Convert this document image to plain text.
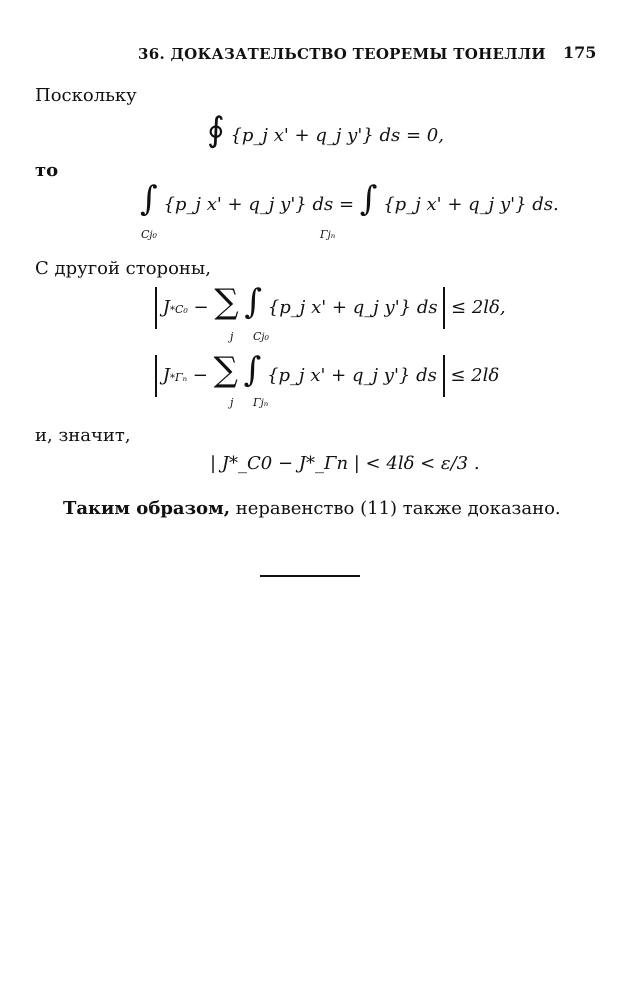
36. ДОКАЗАТЕЛЬСТВО ТЕОРЕМЫ ТОНЕЛЛИ 175
Поскольку
∮ {p_j x' + q_j y'} ds = 0,
то
∫ {p_j x' + q_j y'} ds = ∫ {p_j x' + q_j y'} ds.
Cj₀	Γjₙ
С другой стороны,
J*C₀ − ∑ ∫ {p_j x' + q_j y'} ds ≤ 2lδ,
j Cj₀
J*Γₙ − ∑ ∫ {p_j x' + q_j y'} ds ≤ 2lδ
j Γjₙ
и, значит,
| J*_C0 − J*_Γn | < 4lδ < ε/3 .
Таким образом, неравенство (11) также доказано.
